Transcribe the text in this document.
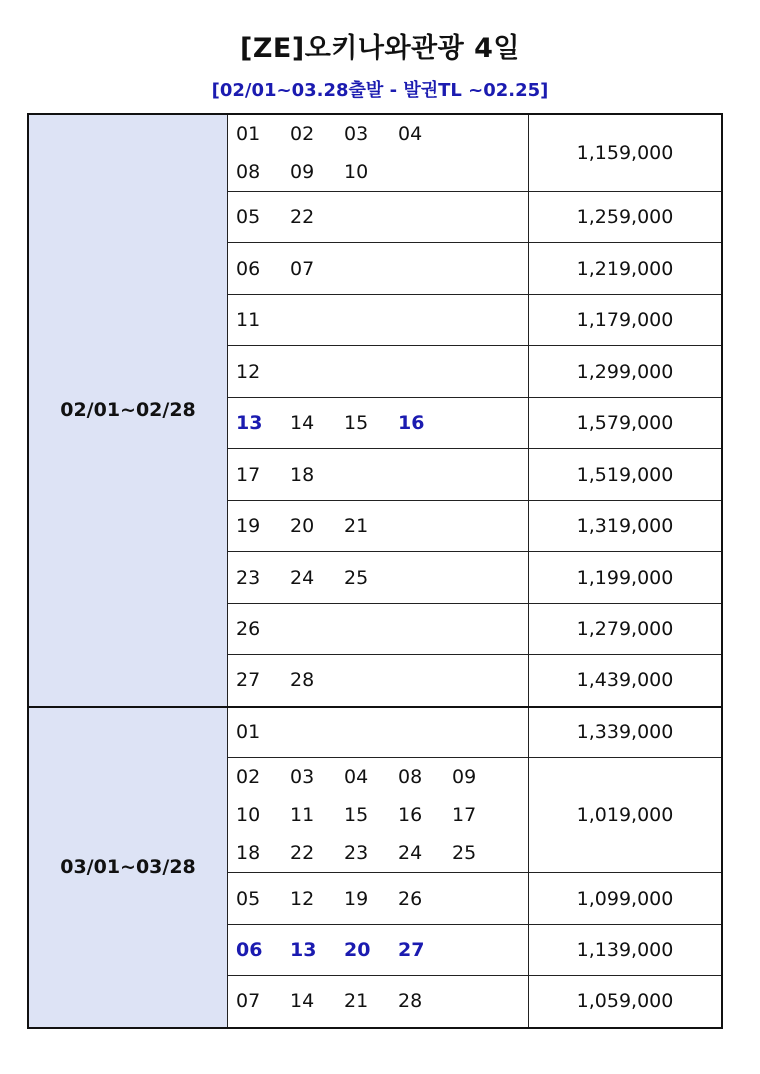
[ZE]오키나와관광 4일
[02/01~03.28출발 - 발권TL ~02.25]
02/01~02/28	01 02 03 04
08 09 10	1,159,000

	05 22	1,259,000

	06 07	1,219,000

	11	1,179,000

	12	1,299,000

	13 14 15 16	1,579,000

	17 18	1,519,000

	19 20 21	1,319,000

	23 24 25	1,199,000

	26	1,279,000

	27 28	1,439,000
03/01~03/28	01	1,339,000

	02 03 04 08 09
10 11 15 16 17
18 22 23 24 25	1,019,000

	05 12 19 26	1,099,000

	06 13 20 27	1,139,000

	07 14 21 28	1,059,000
